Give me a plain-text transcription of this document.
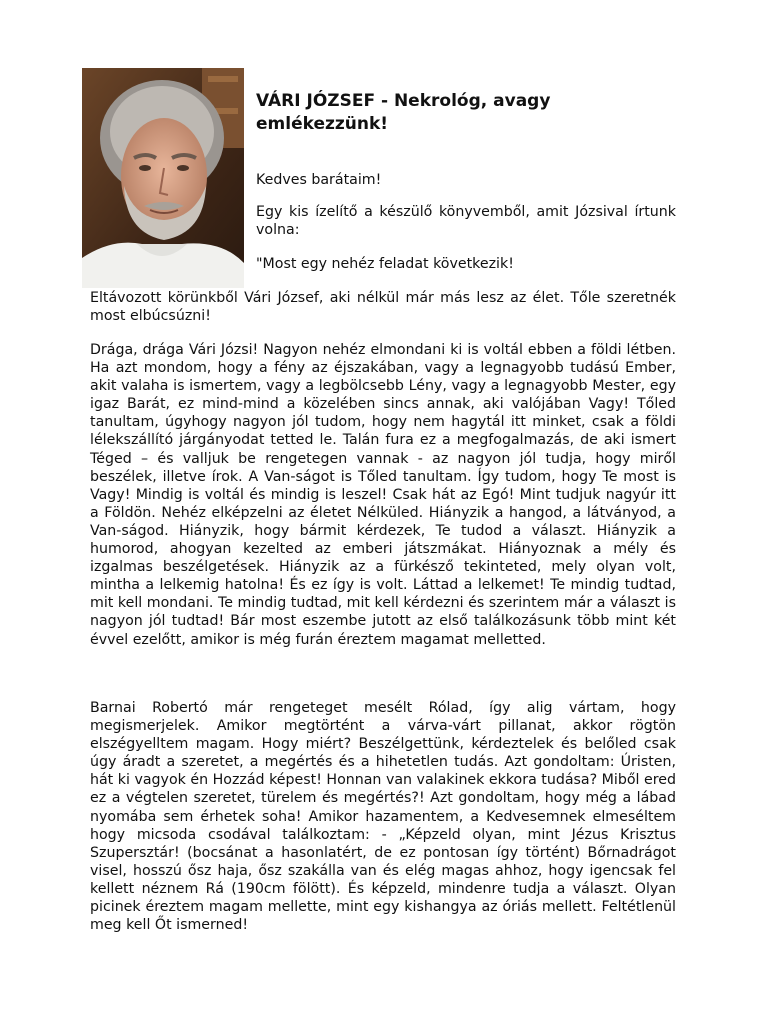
VÁRI JÓZSEF - Nekrológ, avagy emlékezzünk!

Kedves barátaim!

Egy kis ízelítő a készülő könyvemből, amit Józsival írtunk volna:

"Most egy nehéz feladat következik!

Eltávozott körünkből Vári József, aki nélkül már más lesz az élet. Tőle szeretnék most elbúcsúzni!

Drága, drága Vári Józsi! Nagyon nehéz elmondani ki is voltál ebben a földi létben. Ha azt mondom, hogy a fény az éjszakában, vagy a legnagyobb tudású Ember, akit valaha is ismertem, vagy a legbölcsebb Lény, vagy a legnagyobb Mester, egy igaz Barát, ez mind-mind a közelében sincs annak, aki valójában Vagy! Tőled tanultam, úgyhogy nagyon jól tudom, hogy nem hagytál itt minket, csak a földi lélekszállító járgányodat tetted le. Talán fura ez a megfogalmazás, de aki ismert Téged – és valljuk be rengetegen vannak - az nagyon jól tudja, hogy miről beszélek, illetve írok. A Van-ságot is Tőled tanultam. Így tudom, hogy Te most is Vagy! Mindig is voltál és mindig is leszel! Csak hát az Egó! Mint tudjuk nagyúr itt a Földön. Nehéz elképzelni az életet Nélküled. Hiányzik a hangod, a látványod, a Van-ságod. Hiányzik, hogy bármit kérdezek, Te tudod a választ. Hiányzik a humorod, ahogyan kezelted az emberi játszmákat. Hiányoznak a mély és izgalmas beszélgetések. Hiányzik az a fürkésző tekinteted, mely olyan volt, mintha a lelkemig hatolna! És ez így is volt. Láttad a lelkemet! Te mindig tudtad, mit kell mondani. Te mindig tudtad, mit kell kérdezni és szerintem már a választ is nagyon jól tudtad! Bár most eszembe jutott az első találkozásunk több mint két évvel ezelőtt, amikor is még furán éreztem magamat melletted.

Barnai Robertó már rengeteget mesélt Rólad, így alig vártam, hogy megismerjelek. Amikor megtörtént a várva-várt pillanat, akkor rögtön elszégyelltem magam. Hogy miért? Beszélgettünk, kérdeztelek és belőled csak úgy áradt a szeretet, a megértés és a hihetetlen tudás. Azt gondoltam: Úristen, hát ki vagyok én Hozzád képest! Honnan van valakinek ekkora tudása? Miből ered ez a végtelen szeretet, türelem és megértés?! Azt gondoltam, hogy még a lábad nyomába sem érhetek soha! Amikor hazamentem, a Kedvesemnek elmeséltem hogy micsoda csodával találkoztam: - „Képzeld olyan, mint Jézus Krisztus Szupersztár! (bocsánat a hasonlatért, de ez pontosan így történt) Bőrnadrágot visel, hosszú ősz haja, ősz szakálla van és elég magas ahhoz, hogy igencsak fel kellett néznem Rá (190cm fölött). És képzeld, mindenre tudja a választ. Olyan picinek éreztem magam mellette, mint egy kishangya az óriás mellett. Feltétlenül meg kell Őt ismerned!
